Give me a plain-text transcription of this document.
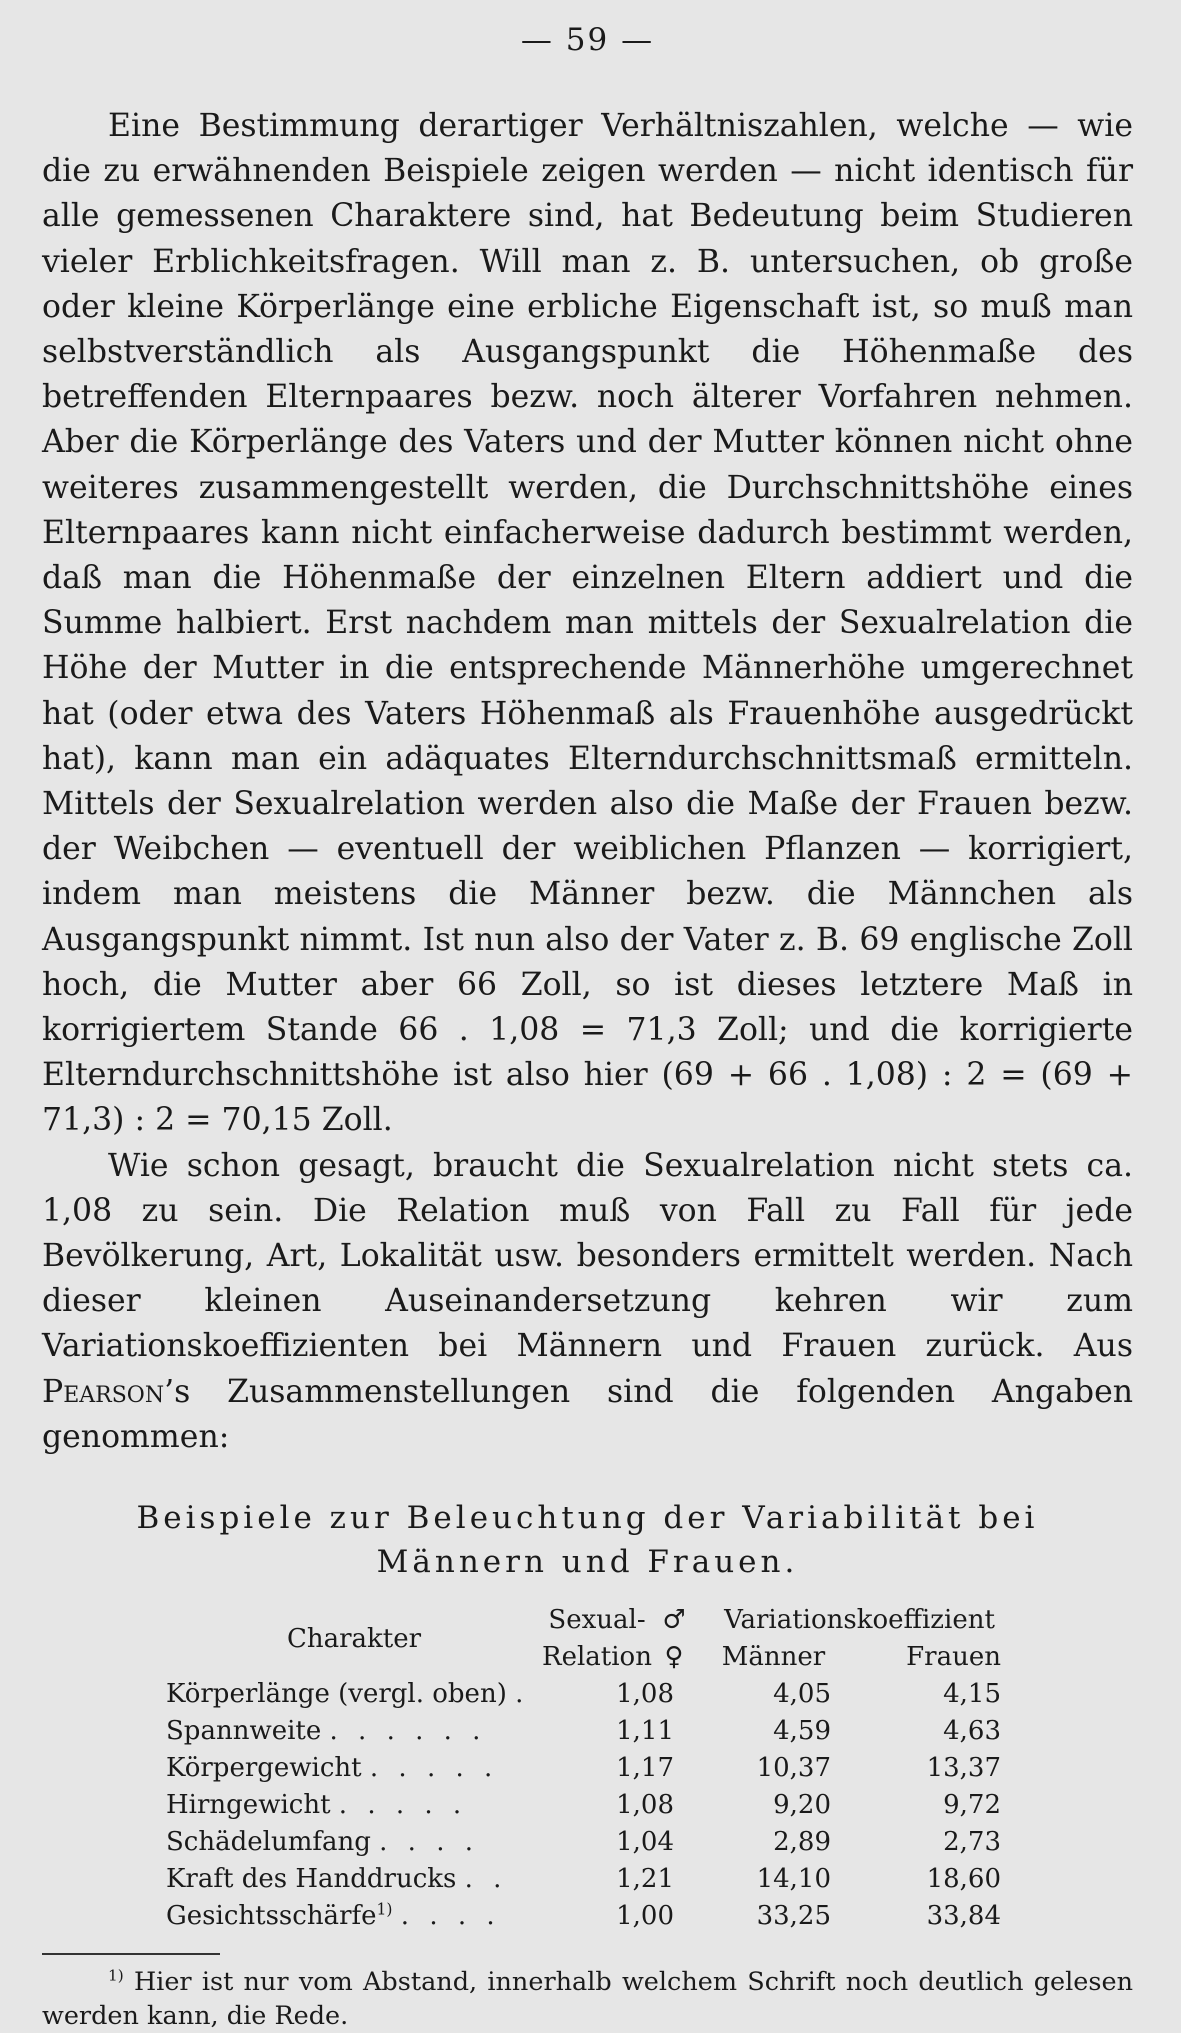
— 59 —

Eine Bestimmung derartiger Verhältniszahlen, welche — wie die zu erwähnenden Beispiele zeigen werden — nicht identisch für alle gemessenen Charaktere sind, hat Bedeutung beim Studieren vieler Erblichkeitsfragen. Will man z. B. untersuchen, ob große oder kleine Körperlänge eine erbliche Eigenschaft ist, so muß man selbstverständlich als Ausgangspunkt die Höhenmaße des betreffenden Elternpaares bezw. noch älterer Vorfahren nehmen. Aber die Körperlänge des Vaters und der Mutter können nicht ohne weiteres zusammengestellt werden, die Durchschnittshöhe eines Elternpaares kann nicht einfacherweise dadurch bestimmt werden, daß man die Höhenmaße der einzelnen Eltern addiert und die Summe halbiert. Erst nachdem man mittels der Sexualrelation die Höhe der Mutter in die entsprechende Männerhöhe umgerechnet hat (oder etwa des Vaters Höhenmaß als Frauenhöhe ausgedrückt hat), kann man ein adäquates Elterndurchschnittsmaß ermitteln. Mittels der Sexualrelation werden also die Maße der Frauen bezw. der Weibchen — eventuell der weiblichen Pflanzen — korrigiert, indem man meistens die Männer bezw. die Männchen als Ausgangspunkt nimmt. Ist nun also der Vater z. B. 69 englische Zoll hoch, die Mutter aber 66 Zoll, so ist dieses letztere Maß in korrigiertem Stande 66 . 1,08 = 71,3 Zoll; und die korrigierte Elterndurchschnittshöhe ist also hier (69 + 66 . 1,08) : 2 = (69 + 71,3) : 2 = 70,15 Zoll.

Wie schon gesagt, braucht die Sexualrelation nicht stets ca. 1,08 zu sein. Die Relation muß von Fall zu Fall für jede Bevölkerung, Art, Lokalität usw. besonders ermittelt werden. Nach dieser kleinen Auseinandersetzung kehren wir zum Variationskoeffizienten bei Männern und Frauen zurück. Aus Pearson’s Zusammenstellungen sind die folgenden Angaben genommen:

Beispiele zur Beleuchtung der Variabilität bei Männern und Frauen.
Charakter	Sexual-	♂	Variationskoeffizient	
	Relation	♀	Männer	Frauen
Körperlänge (vergl. oben) .	1,08		4,05	4,15
Spannweite . . . . . .	1,11		4,59	4,63
Körpergewicht . . . . .	1,17		10,37	13,37
Hirngewicht . . . . .	1,08		9,20	9,72
Schädelumfang . . . .	1,04		2,89	2,73
Kraft des Handdrucks . .	1,21		14,10	18,60
Gesichtsschärfe$^{1)}$ . . . .	1,00		33,25	33,84

$^{1)}$ Hier ist nur vom Abstand, innerhalb welchem Schrift noch deutlich gelesen werden kann, die Rede.
